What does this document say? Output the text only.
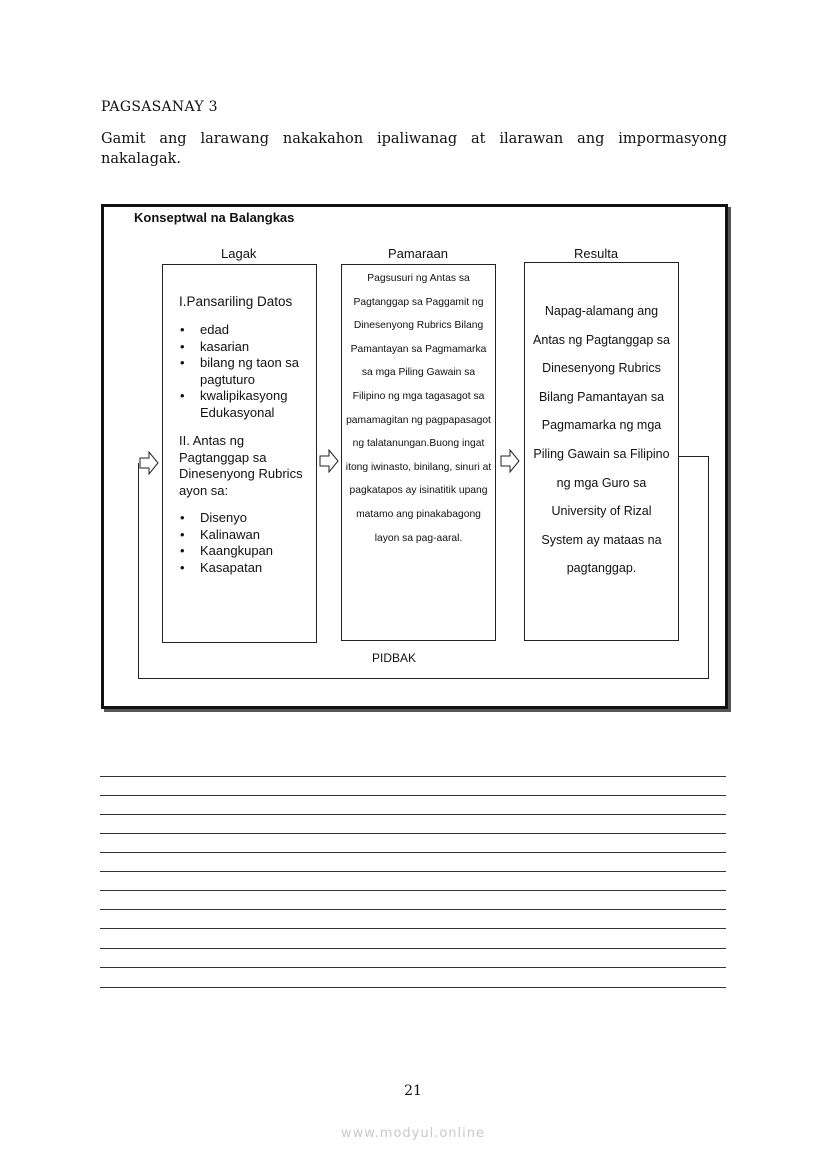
PAGSASANAY 3
Gamit ang larawang nakakahon ipaliwanag at ilarawan ang impormasyong nakalagak.
Konseptwal na Balangkas
Lagak	Pamaraan	Resulta
I.Pansariling Datos
• edad
• kasarian
• bilang ng taon sa pagtuturo
• kwalipikasyong Edukasyonal
II. Antas ng Pagtanggap sa Dinesenyong Rubrics ayon sa:
• Disenyo
• Kalinawan
• Kaangkupan
• Kasapatan
Pagsusuri ng Antas sa Pagtanggap sa Paggamit ng Dinesenyong Rubrics Bilang Pamantayan sa Pagmamarka sa mga Piling Gawain sa Filipino ng mga tagasagot sa pamamagitan ng pagpapasagot ng talatanungan.Buong ingat itong iwinasto, binilang, sinuri at pagkatapos ay isinatitik upang matamo ang pinakabagong layon sa pag-aaral.
Napag-alamang ang Antas ng Pagtanggap sa Dinesenyong Rubrics Bilang Pamantayan sa Pagmamarka ng mga Piling Gawain sa Filipino ng mga Guro sa University of Rizal System ay mataas na pagtanggap.
PIDBAK
21
www.modyul.online
